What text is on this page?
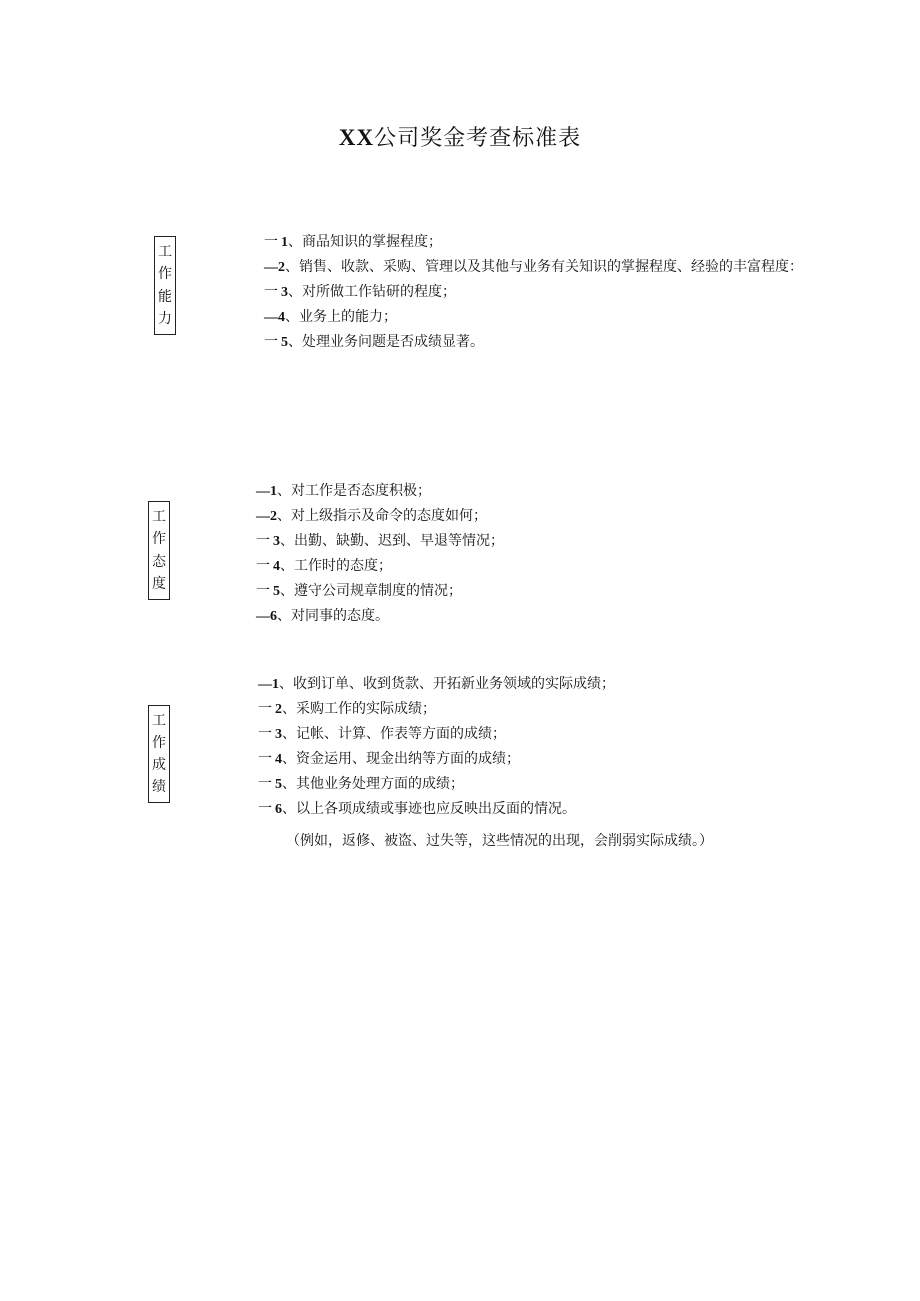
XX公司奖金考查标准表
工
作
能
力
一 1、商品知识的掌握程度；
—2、销售、收款、采购、管理以及其他与业务有关知识的掌握程度、经验的丰富程度：
一 3、对所做工作钻研的程度；
—4、业务上的能力；
一 5、处理业务问题是否成绩显著。
工
作
态
度
—1、对工作是否态度积极；
—2、对上级指示及命令的态度如何；
一 3、出勤、缺勤、迟到、早退等情况；
一 4、工作时的态度；
一 5、遵守公司规章制度的情况；
—6、对同事的态度。
工
作
成
绩
—1、收到订单、收到货款、开拓新业务领域的实际成绩；
一 2、采购工作的实际成绩；
一 3、记帐、计算、作表等方面的成绩；
一 4、资金运用、现金出纳等方面的成绩；
一 5、其他业务处理方面的成绩；
一 6、以上各项成绩或事迹也应反映出反面的情况。
（例如，返修、被盗、过失等，这些情况的出现，会削弱实际成绩。）
